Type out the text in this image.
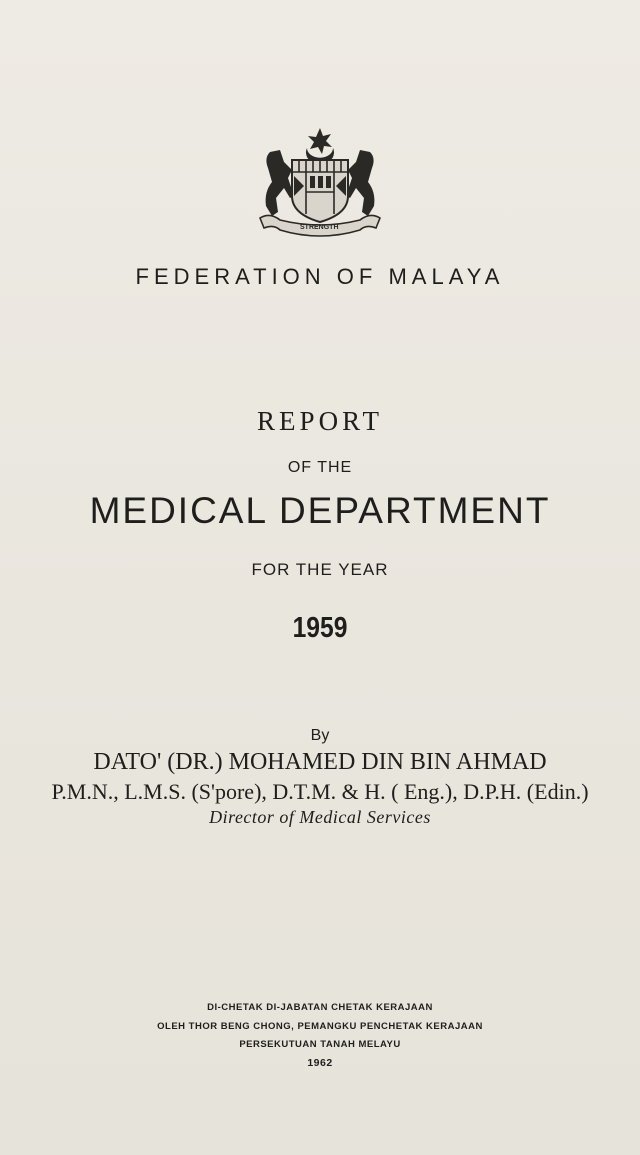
STRENGTH
FEDERATION OF MALAYA
REPORT
OF THE
MEDICAL DEPARTMENT
FOR THE YEAR
1959
By
DATO' (DR.) MOHAMED DIN BIN AHMAD
P.M.N., L.M.S. (S'pore), D.T.M. & H. ( Eng.), D.P.H. (Edin.)
Director of Medical Services
DI-CHETAK DI-JABATAN CHETAK KERAJAAN
OLEH THOR BENG CHONG, PEMANGKU PENCHETAK KERAJAAN
PERSEKUTUAN TANAH MELAYU
1962
